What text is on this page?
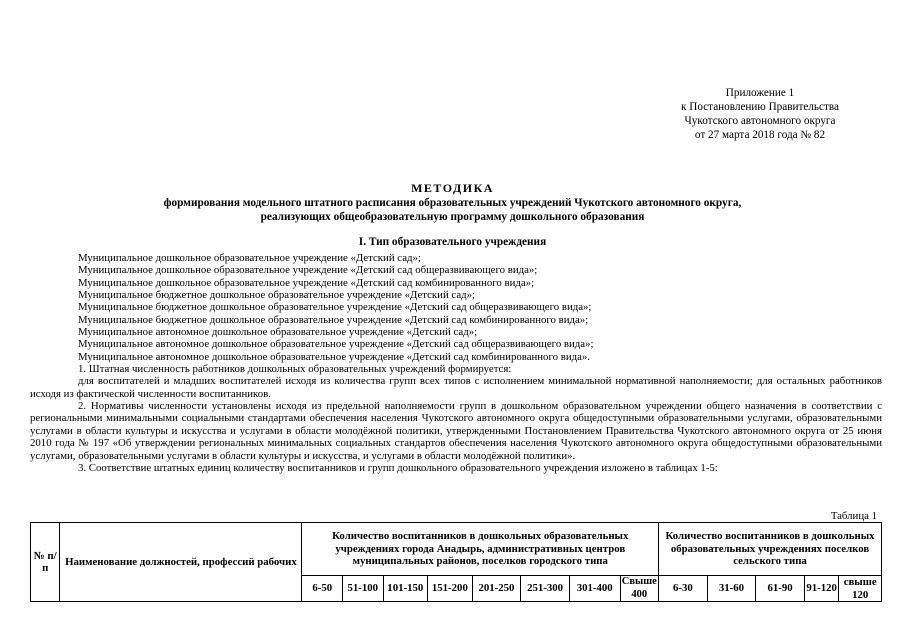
Приложение 1
к Постановлению Правительства
Чукотского автономного округа
от 27 марта 2018 года № 82
МЕТОДИКА
формирования модельного штатного расписания образовательных учреждений Чукотского автономного округа,
реализующих общеобразовательную программу дошкольного образования
I. Тип образовательного учреждения
Муниципальное дошкольное образовательное учреждение «Детский сад»;
Муниципальное дошкольное образовательное учреждение «Детский сад общеразвивающего вида»;
Муниципальное дошкольное образовательное учреждение «Детский сад комбинированного вида»;
Муниципальное бюджетное дошкольное образовательное учреждение «Детский сад»;
Муниципальное бюджетное дошкольное образовательное учреждение «Детский сад общеразвивающего вида»;
Муниципальное бюджетное дошкольное образовательное учреждение «Детский сад комбинированного вида»;
Муниципальное автономное дошкольное образовательное учреждение «Детский сад»;
Муниципальное автономное дошкольное образовательное учреждение «Детский сад общеразвивающего вида»;
Муниципальное автономное дошкольное образовательное учреждение «Детский сад комбинированного вида».
1. Штатная численность работников дошкольных образовательных учреждений формируется:
для воспитателей и младших воспитателей исходя из количества групп всех типов с исполнением минимальной нормативной наполняемости; для остальных работников исходя из фактической численности воспитанников.
2. Нормативы численности установлены исходя из предельной наполняемости групп в дошкольном образовательном учреждении общего назначения в соответствии с региональными минимальными социальными стандартами обеспечения населения Чукотского автономного округа общедоступными образовательными услугами, образовательными услугами в области культуры и искусства и услугами в области молодёжной политики, утвержденными Постановлением Правительства Чукотского автономного округа от 25 июня 2010 года № 197 «Об утверждении региональных минимальных социальных стандартов обеспечения населения Чукотского автономного округа общедоступными образовательными услугами, образовательными услугами в области культуры и искусства, и услугами в области молодёжной политики».
3. Соответствие штатных единиц количеству воспитанников и групп дошкольного образовательного учреждения изложено в таблицах 1-5:
Таблица 1
№ п/п	Наименование должностей, профессий рабочих	Количество воспитанников в дошкольных образовательных учреждениях города Анадырь, административных центров муниципальных районов, поселков городского типа								Количество воспитанников в дошкольных образовательных учреждениях поселков сельского типа				
		6-50	51-100	101-150	151-200	201-250	251-300	301-400	Свыше 400	6-30	31-60	61-90	91-120	свыше 120
